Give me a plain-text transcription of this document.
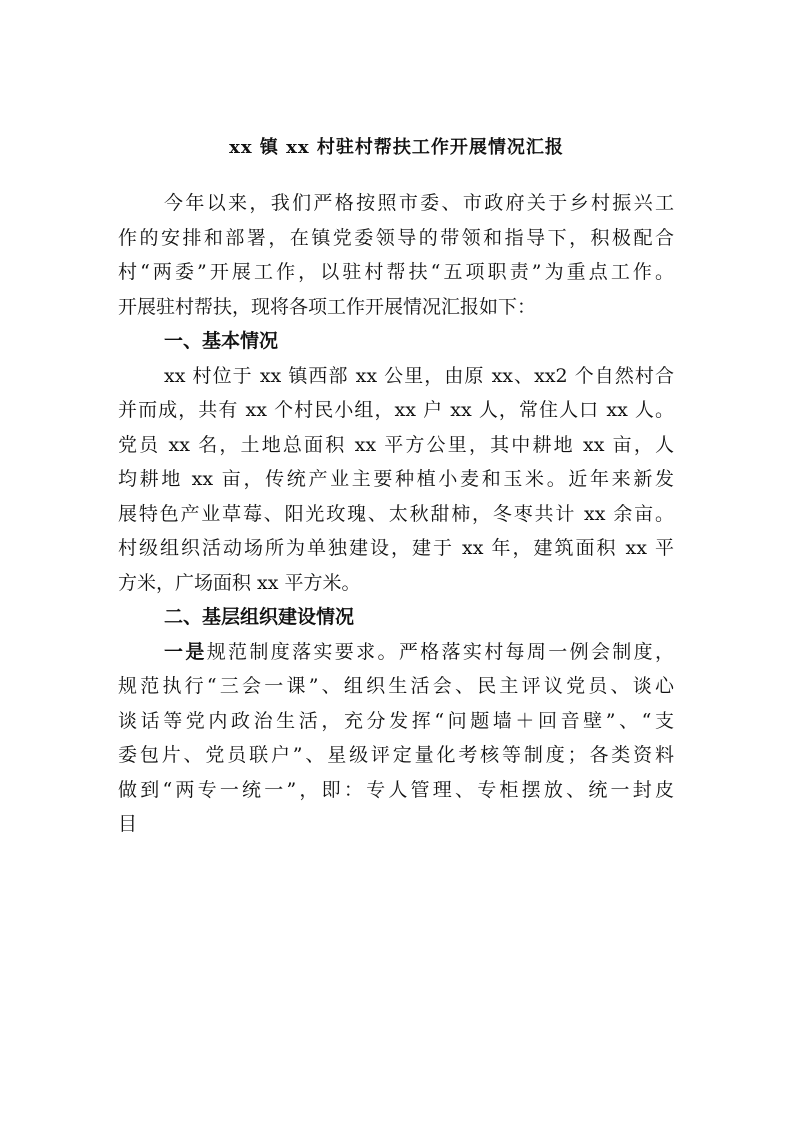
xx 镇 xx 村驻村帮扶工作开展情况汇报
今年以来，我们严格按照市委、市政府关于乡村振兴工
作的安排和部署，在镇党委领导的带领和指导下，积极配合
村“两委”开展工作，以驻村帮扶“五项职责”为重点工作。
开展驻村帮扶，现将各项工作开展情况汇报如下：
一、基本情况
xx 村位于 xx 镇西部 xx 公里，由原 xx、xx2 个自然村合
并而成，共有 xx 个村民小组，xx 户 xx 人，常住人口 xx 人。
党员 xx 名，土地总面积 xx 平方公里，其中耕地 xx 亩，人
均耕地 xx 亩，传统产业主要种植小麦和玉米。近年来新发
展特色产业草莓、阳光玫瑰、太秋甜柿，冬枣共计 xx 余亩。
村级组织活动场所为单独建设，建于 xx 年，建筑面积 xx 平
方米，广场面积 xx 平方米。
二、基层组织建设情况
一是规范制度落实要求。严格落实村每周一例会制度，
规范执行“三会一课”、组织生活会、民主评议党员、谈心
谈话等党内政治生活，充分发挥“问题墙＋回音壁”、“支
委包片、党员联户”、星级评定量化考核等制度；各类资料
做到“两专一统一”，即：专人管理、专柜摆放、统一封皮
目
